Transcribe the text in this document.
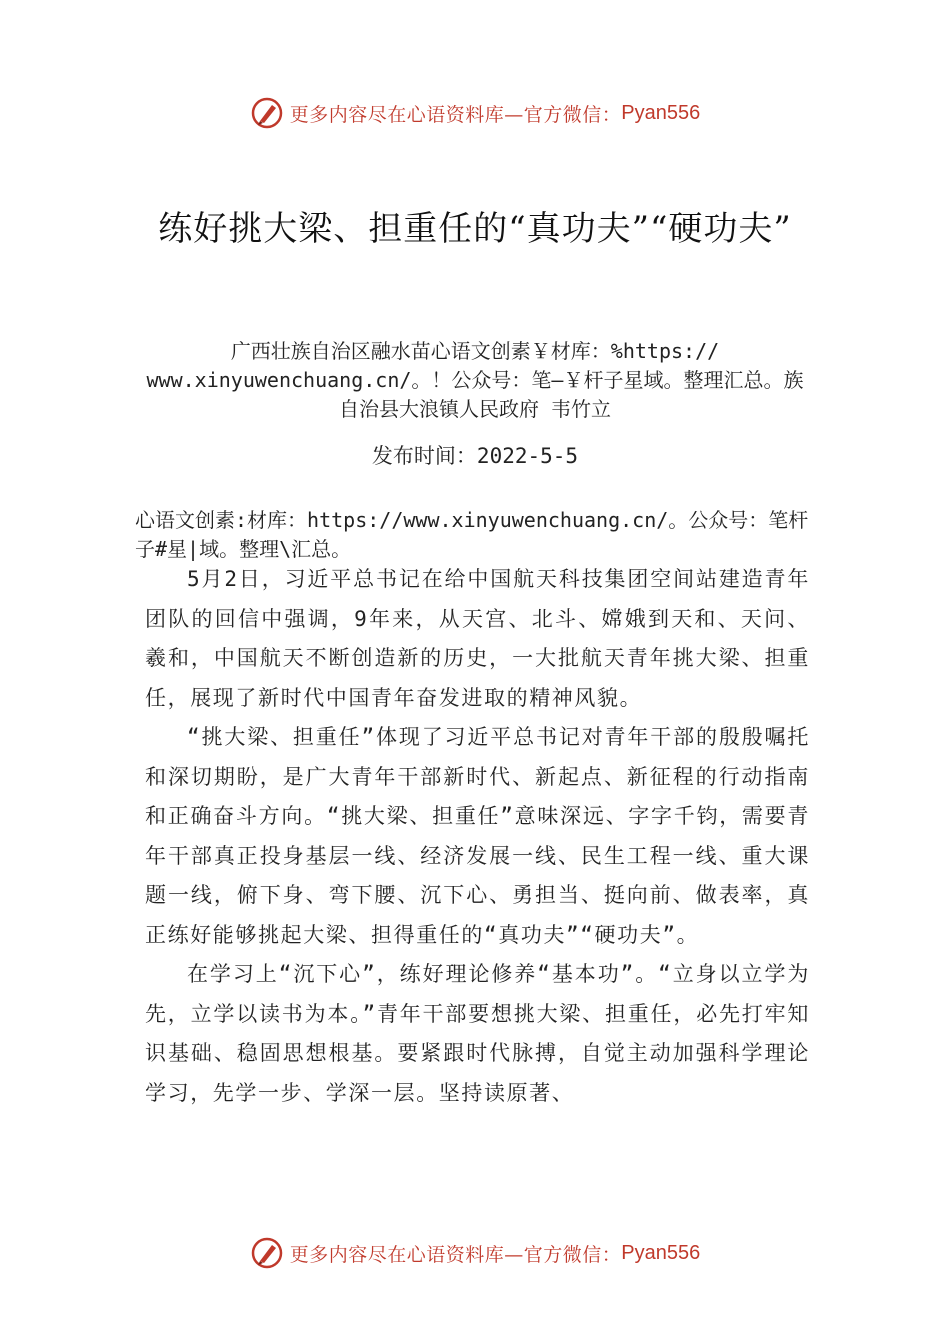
更多内容尽在心语资料库—官方微信： Pyan556
练好挑大梁、担重任的“真功夫”“硬功夫”
广西壮族自治区融水苗心语文创素￥材库：%https:// www.xinyuwenchuang.cn/。！公众号：笔—￥杆子星域。整理汇总。族自治县大浪镇人民政府 韦竹立
发布时间：2022-5-5
心语文创素:材库：https://www.xinyuwenchuang.cn/。公众号：笔杆子#星|域。整理\汇总。

5月2日，习近平总书记在给中国航天科技集团空间站建造青年团队的回信中强调，9年来，从天宫、北斗、嫦娥到天和、天问、羲和，中国航天不断创造新的历史，一大批航天青年挑大梁、担重任，展现了新时代中国青年奋发进取的精神风貌。

“挑大梁、担重任”体现了习近平总书记对青年干部的殷殷嘱托和深切期盼，是广大青年干部新时代、新起点、新征程的行动指南和正确奋斗方向。“挑大梁、担重任”意味深远、字字千钧，需要青年干部真正投身基层一线、经济发展一线、民生工程一线、重大课题一线，俯下身、弯下腰、沉下心、勇担当、挺向前、做表率，真正练好能够挑起大梁、担得重任的“真功夫”“硬功夫”。

在学习上“沉下心”，练好理论修养“基本功”。“立身以立学为先，立学以读书为本。”青年干部要想挑大梁、担重任，必先打牢知识基础、稳固思想根基。要紧跟时代脉搏，自觉主动加强科学理论学习，先学一步、学深一层。坚持读原著、

更多内容尽在心语资料库—官方微信： Pyan556
